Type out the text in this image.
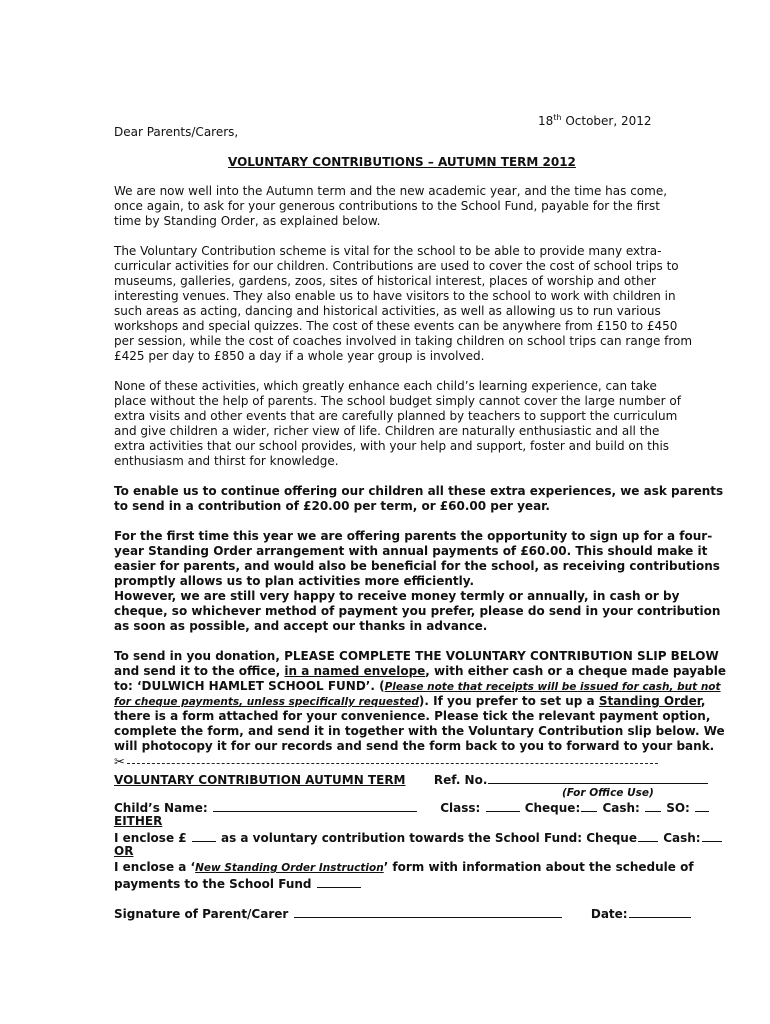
18th October, 2012
Dear Parents/Carers,
VOLUNTARY CONTRIBUTIONS – AUTUMN TERM 2012
We are now well into the Autumn term and the new academic year, and the time has come,
once again, to ask for your generous contributions to the School Fund, payable for the first
time by Standing Order, as explained below.
The Voluntary Contribution scheme is vital for the school to be able to provide many extra-
curricular activities for our children. Contributions are used to cover the cost of school trips to
museums, galleries, gardens, zoos, sites of historical interest, places of worship and other
interesting venues. They also enable us to have visitors to the school to work with children in
such areas as acting, dancing and historical activities, as well as allowing us to run various
workshops and special quizzes. The cost of these events can be anywhere from £150 to £450
per session, while the cost of coaches involved in taking children on school trips can range from
£425 per day to £850 a day if a whole year group is involved.
None of these activities, which greatly enhance each child’s learning experience, can take
place without the help of parents. The school budget simply cannot cover the large number of
extra visits and other events that are carefully planned by teachers to support the curriculum
and give children a wider, richer view of life. Children are naturally enthusiastic and all the
extra activities that our school provides, with your help and support, foster and build on this
enthusiasm and thirst for knowledge.
To enable us to continue offering our children all these extra experiences, we ask parents
to send in a contribution of £20.00 per term, or £60.00 per year.
For the first time this year we are offering parents the opportunity to sign up for a four-
year Standing Order arrangement with annual payments of £60.00. This should make it
easier for parents, and would also be beneficial for the school, as receiving contributions
promptly allows us to plan activities more efficiently.
However, we are still very happy to receive money termly or annually, in cash or by
cheque, so whichever method of payment you prefer, please do send in your contribution
as soon as possible, and accept our thanks in advance.
To send in you donation, PLEASE COMPLETE THE VOLUNTARY CONTRIBUTION SLIP BELOW
and send it to the office, in a named envelope, with either cash or a cheque made payable
to: ‘DULWICH HAMLET SCHOOL FUND’. (Please note that receipts will be issued for cash, but not
for cheque payments, unless specifically requested). If you prefer to set up a Standing Order,
there is a form attached for your convenience. Please tick the relevant payment option,
complete the form, and send it in together with the Voluntary Contribution slip below. We
will photocopy it for our records and send the form back to you to forward to your bank.
✂
VOLUNTARY CONTRIBUTION AUTUMN TERM Ref. No.
(For Office Use)
Child’s Name:	Class:	Cheque: Cash: SO:
EITHER
I enclose £	as a voluntary contribution towards the School Fund: Cheque Cash:
OR
I enclose a ‘New Standing Order Instruction’ form with information about the schedule of
payments to the School Fund
Signature of Parent/Carer	Date:
